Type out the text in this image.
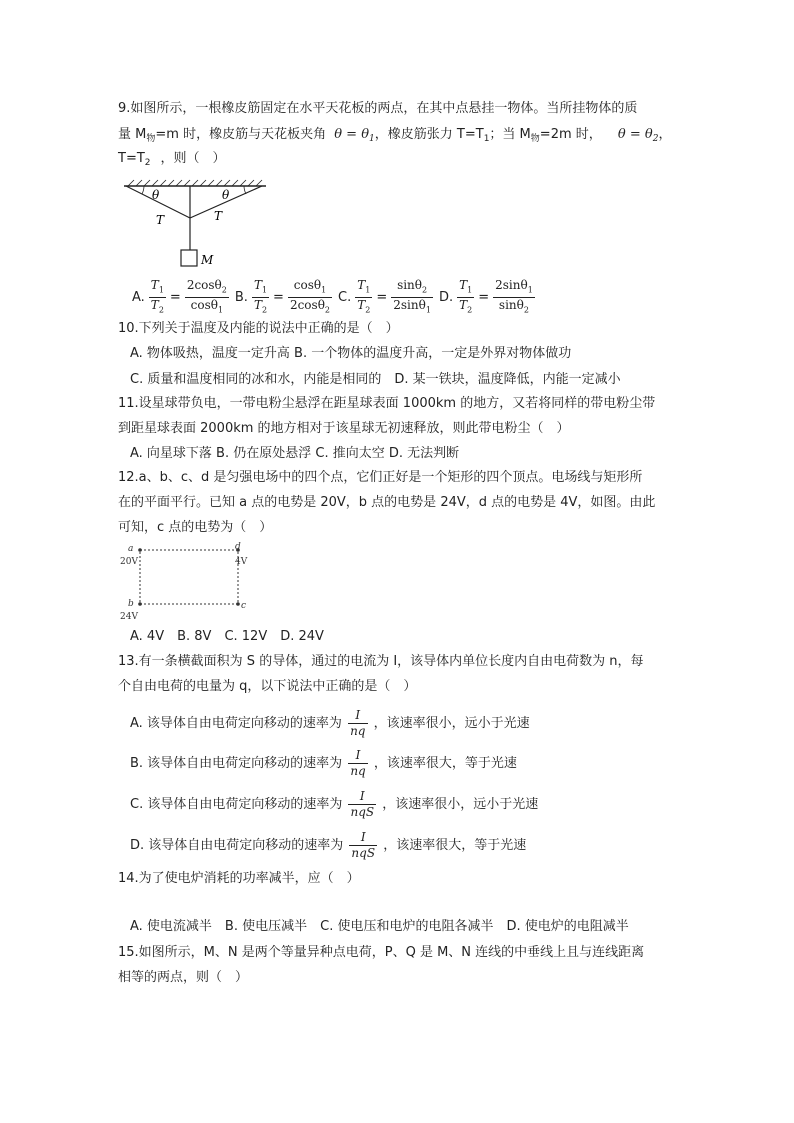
9.如图所示，一根橡皮筋固定在水平天花板的两点，在其中点悬挂一物体。当所挂物体的质
量 $M_物=m$ 时，橡皮筋与天花板夹角 $\theta = \theta_1$，橡皮筋张力 $T=T_1$；当 $M_物=2m$ 时， $\theta = \theta_2$，
$T=T_2$ ，则（　）
θ	θ
T	T
M
A. $\frac{T_1}{T_2} = \frac{2\cos\theta_2}{\cos\theta_1} B$. $\frac{T_1}{T_2} = \frac{\cos\theta_1}{2\cos\theta_2} C$. $\frac{T_1}{T_2} = \frac{\sin\theta_2}{2\sin\theta_1} D$. $\frac{T_1}{T_2} = \frac{2\sin\theta_1}{\sin\theta_2}$
10.下列关于温度及内能的说法中正确的是（　）
A. 物体吸热，温度一定升高 B. 一个物体的温度升高，一定是外界对物体做功
C. 质量和温度相同的冰和水，内能是相同的　D. 某一铁块，温度降低，内能一定减小
11.设星球带负电，一带电粉尘悬浮在距星球表面 1000km 的地方，又若将同样的带电粉尘带
到距星球表面 2000km 的地方相对于该星球无初速释放，则此带电粉尘（　）
A. 向星球下落 B. 仍在原处悬浮 C. 推向太空 D. 无法判断
12.a、b、c、d 是匀强电场中的四个点，它们正好是一个矩形的四个顶点。电场线与矩形所
在的平面平行。已知 a 点的电势是 20V，b 点的电势是 24V，d 点的电势是 4V，如图。由此
可知，c 点的电势为（　）
a
20V
b
24V
c
d
4V
A. 4V　B. 8V　C. 12V　D. 24V
13.有一条横截面积为 S 的导体，通过的电流为 I，该导体内单位长度内自由电荷数为 n，每
个自由电荷的电量为 q，以下说法中正确的是（　）
A. 该导体自由电荷定向移动的速率为 $\frac{I}{nq}$ ，该速率很小，远小于光速
B. 该导体自由电荷定向移动的速率为 $\frac{I}{nq}$ ，该速率很大，等于光速
C. 该导体自由电荷定向移动的速率为 $\frac{I}{\text{nqS}}$ ，该速率很小，远小于光速
D. 该导体自由电荷定向移动的速率为 $\frac{I}{\text{nqS}}$ ，该速率很大，等于光速
14.为了使电炉消耗的功率减半，应（　）
A. 使电流减半　B. 使电压减半　C. 使电压和电炉的电阻各减半　D. 使电炉的电阻减半
15.如图所示，M、N 是两个等量异种点电荷，P、Q 是 M、N 连线的中垂线上且与连线距离
相等的两点，则（　）
